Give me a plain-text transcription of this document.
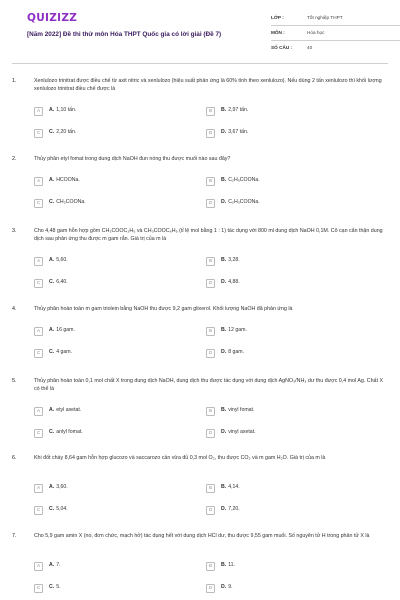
QUIZIZZ
[Năm 2022] Đề thi thử môn Hóa THPT Quốc gia có lời giải (Đề 7)
LỚP :	Tốt nghiệp THPT
MÔN :	Hóa học
SỐ CÂU :	40
1.	Xenlulozo trinitrat được điều chế từ axit nitric và xenlulozo (hiệu suất phản ứng là 60% tính theo xenlulozo). Nếu dùng 2 tấn xenlulozo thì khối lượng xenlulozo trinitrat điều chế được là
A	A. 1,10 tấn.	B	B. 2,97 tấn.
C	C. 2,20 tấn.	D	D. 3,67 tấn.
2.	Thủy phân etyl fomat trong dung dịch NaOH đun nóng thu được muối nào sau đây?
A	A. HCOONa.	B	B. C₂H₅COONa.
C	C. CH₃COONa.	D	D. C₂H₃COONa.
3.	Cho 4,48 gam hỗn hợp gồm CH₃COOC₂H₅ và CH₃COOC₆H₅ (tỉ lệ mol bằng 1 : 1) tác dụng với 800 ml dung dịch NaOH 0,1M. Cô cạn cẩn thận dung dịch sau phản ứng thu được m gam rắn. Giá trị của m là
A	A. 5,60.	B	B. 3,28.
C	C. 6,40.	D	D. 4,88.
4.	Thủy phân hoàn toàn m gam triolein bằng NaOH thu được 9,2 gam glixerol. Khối lượng NaOH đã phản ứng là
A	A. 16 gam.	B	B. 12 gam.
C	C. 4 gam.	D	D. 8 gam.
5.	Thủy phân hoàn toàn 0,1 mol chất X trong dung dịch NaOH, dung dịch thu được tác dụng với dung dịch AgNO₃/NH₃ dư thu được 0,4 mol Ag. Chất X có thể là
A	A. etyl axetat.	B	B. vinyl fomat.
C	C. anlyl fomat.	D	D. vinyl axetat.
6.	Khi đốt cháy 8,64 gam hỗn hợp glucozo và saccarozo cần vừa đủ 0,3 mol O₂, thu được CO₂ và m gam H₂O. Giá trị của m là
A	A. 3,60.	B	B. 4,14.
C	C. 5,04.	D	D. 7,20.
7.	Cho 5,9 gam amin X (no, đơn chức, mạch hở) tác dụng hết với dung dịch HCl dư, thu được 9,55 gam muối. Số nguyên tử H trong phân tử X là
A	A. 7.	B	B. 11.
C	C. 5.	D	D. 9.
